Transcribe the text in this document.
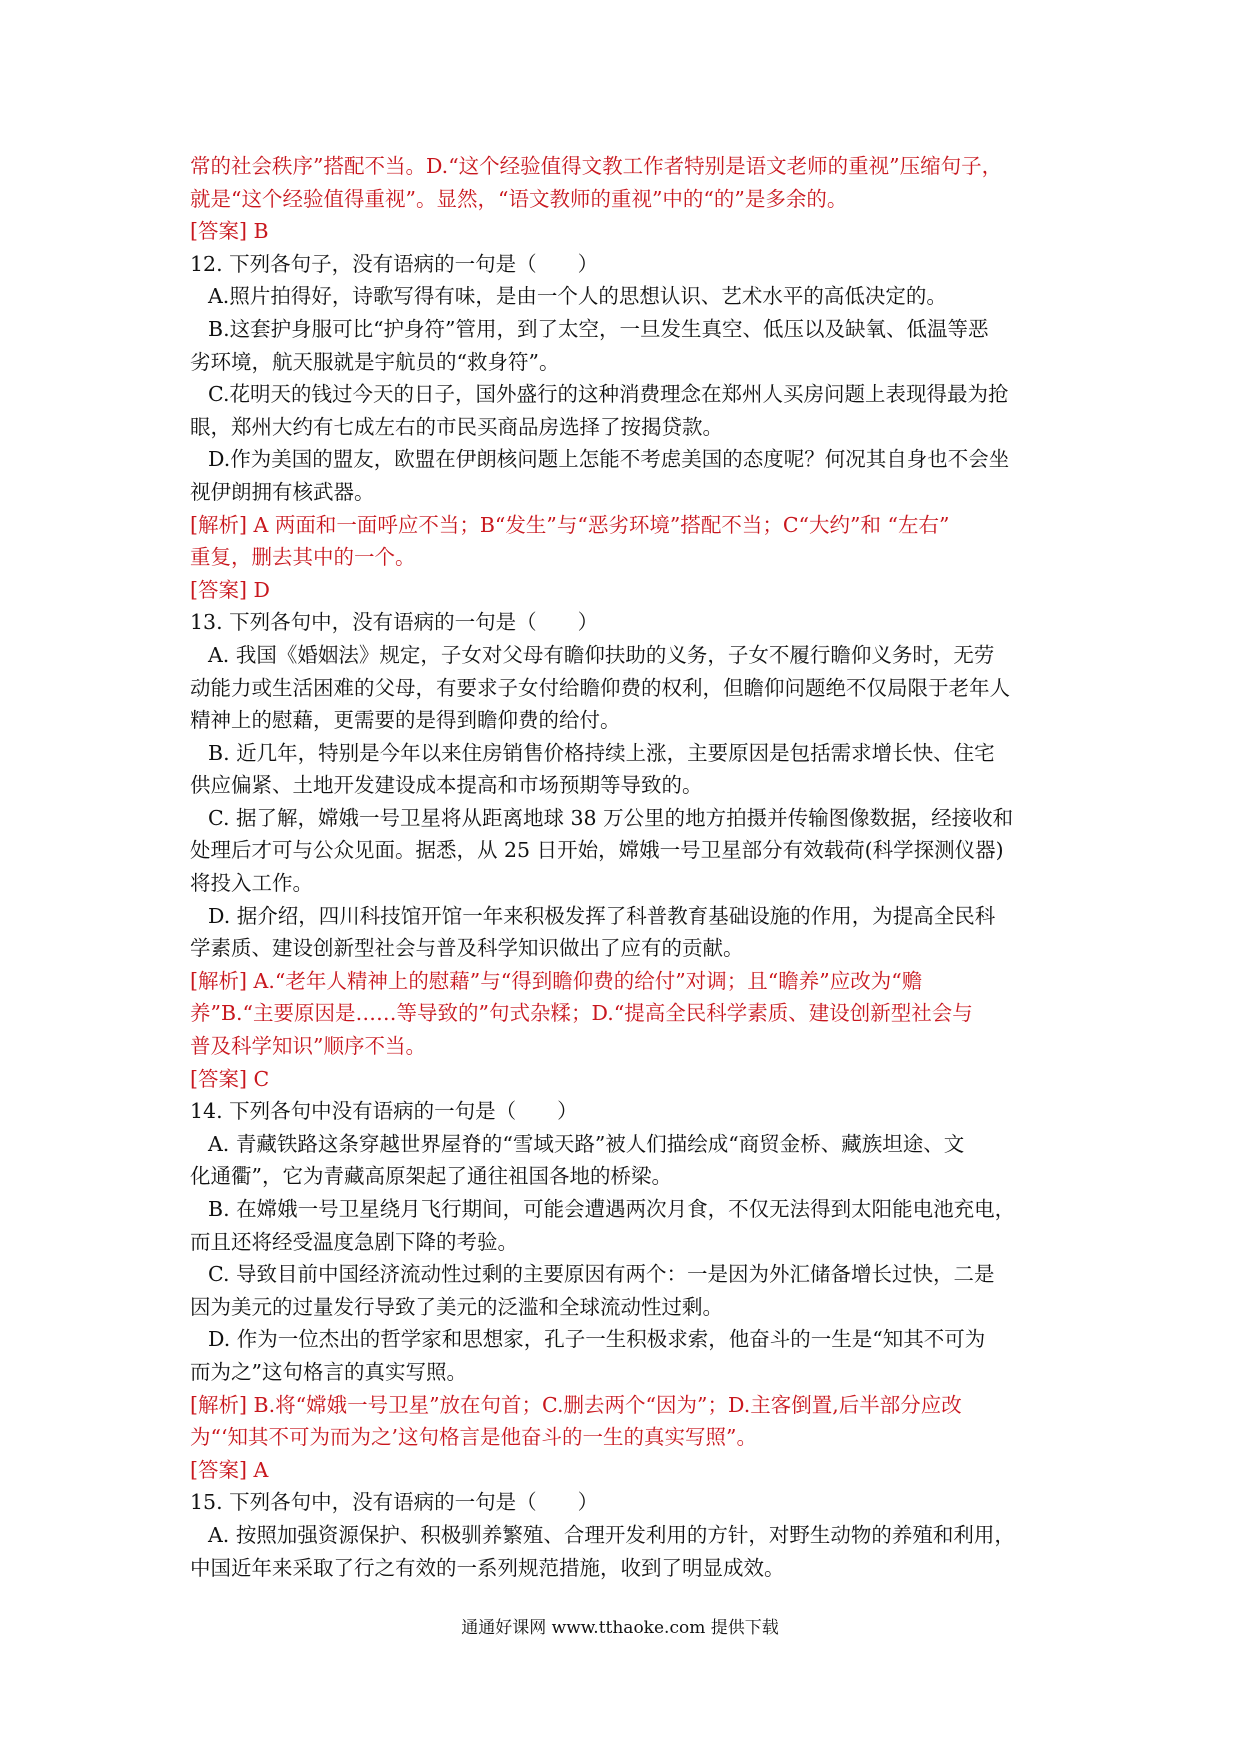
常的社会秩序”搭配不当。D.“这个经验值得文教工作者特别是语文老师的重视”压缩句子，
就是“这个经验值得重视”。显然，“语文教师的重视”中的“的”是多余的。
[答案] B
12. 下列各句子，没有语病的一句是（　　）
A.照片拍得好，诗歌写得有味，是由一个人的思想认识、艺术水平的高低决定的。
B.这套护身服可比“护身符”管用，到了太空，一旦发生真空、低压以及缺氧、低温等恶
劣环境，航天服就是宇航员的“救身符”。
C.花明天的钱过今天的日子，国外盛行的这种消费理念在郑州人买房问题上表现得最为抢
眼，郑州大约有七成左右的市民买商品房选择了按揭贷款。
D.作为美国的盟友，欧盟在伊朗核问题上怎能不考虑美国的态度呢？何况其自身也不会坐
视伊朗拥有核武器。
[解析] A 两面和一面呼应不当；B“发生”与“恶劣环境”搭配不当；C“大约”和 “左右”
重复，删去其中的一个。
[答案] D
13. 下列各句中，没有语病的一句是（　　）
A. 我国《婚姻法》规定，子女对父母有瞻仰扶助的义务，子女不履行瞻仰义务时，无劳
动能力或生活困难的父母，有要求子女付给瞻仰费的权利，但瞻仰问题绝不仅局限于老年人
精神上的慰藉，更需要的是得到瞻仰费的给付。
B. 近几年，特别是今年以来住房销售价格持续上涨，主要原因是包括需求增长快、住宅
供应偏紧、土地开发建设成本提高和市场预期等导致的。
C. 据了解，嫦娥一号卫星将从距离地球 38 万公里的地方拍摄并传输图像数据，经接收和
处理后才可与公众见面。据悉，从 25 日开始，嫦娥一号卫星部分有效载荷(科学探测仪器)
将投入工作。
D. 据介绍，四川科技馆开馆一年来积极发挥了科普教育基础设施的作用，为提高全民科
学素质、建设创新型社会与普及科学知识做出了应有的贡献。
[解析] A.“老年人精神上的慰藉”与“得到瞻仰费的给付”对调；且“瞻养”应改为“赡
养”B.“主要原因是……等导致的”句式杂糅；D.“提高全民科学素质、建设创新型社会与
普及科学知识”顺序不当。
[答案] C
14. 下列各句中没有语病的一句是（　　）
A. 青藏铁路这条穿越世界屋脊的“雪域天路”被人们描绘成“商贸金桥、藏族坦途、文
化通衢”，它为青藏高原架起了通往祖国各地的桥梁。
B. 在嫦娥一号卫星绕月飞行期间，可能会遭遇两次月食，不仅无法得到太阳能电池充电，
而且还将经受温度急剧下降的考验。
C. 导致目前中国经济流动性过剩的主要原因有两个：一是因为外汇储备增长过快，二是
因为美元的过量发行导致了美元的泛滥和全球流动性过剩。
D. 作为一位杰出的哲学家和思想家，孔子一生积极求索，他奋斗的一生是“知其不可为
而为之”这句格言的真实写照。
[解析] B.将“嫦娥一号卫星”放在句首；C.删去两个“因为”；D.主客倒置,后半部分应改
为“‘知其不可为而为之’这句格言是他奋斗的一生的真实写照”。
[答案] A
15. 下列各句中，没有语病的一句是（　　）
A. 按照加强资源保护、积极驯养繁殖、合理开发利用的方针，对野生动物的养殖和利用，
中国近年来采取了行之有效的一系列规范措施，收到了明显成效。
通通好课网 www.tthaoke.com 提供下载
